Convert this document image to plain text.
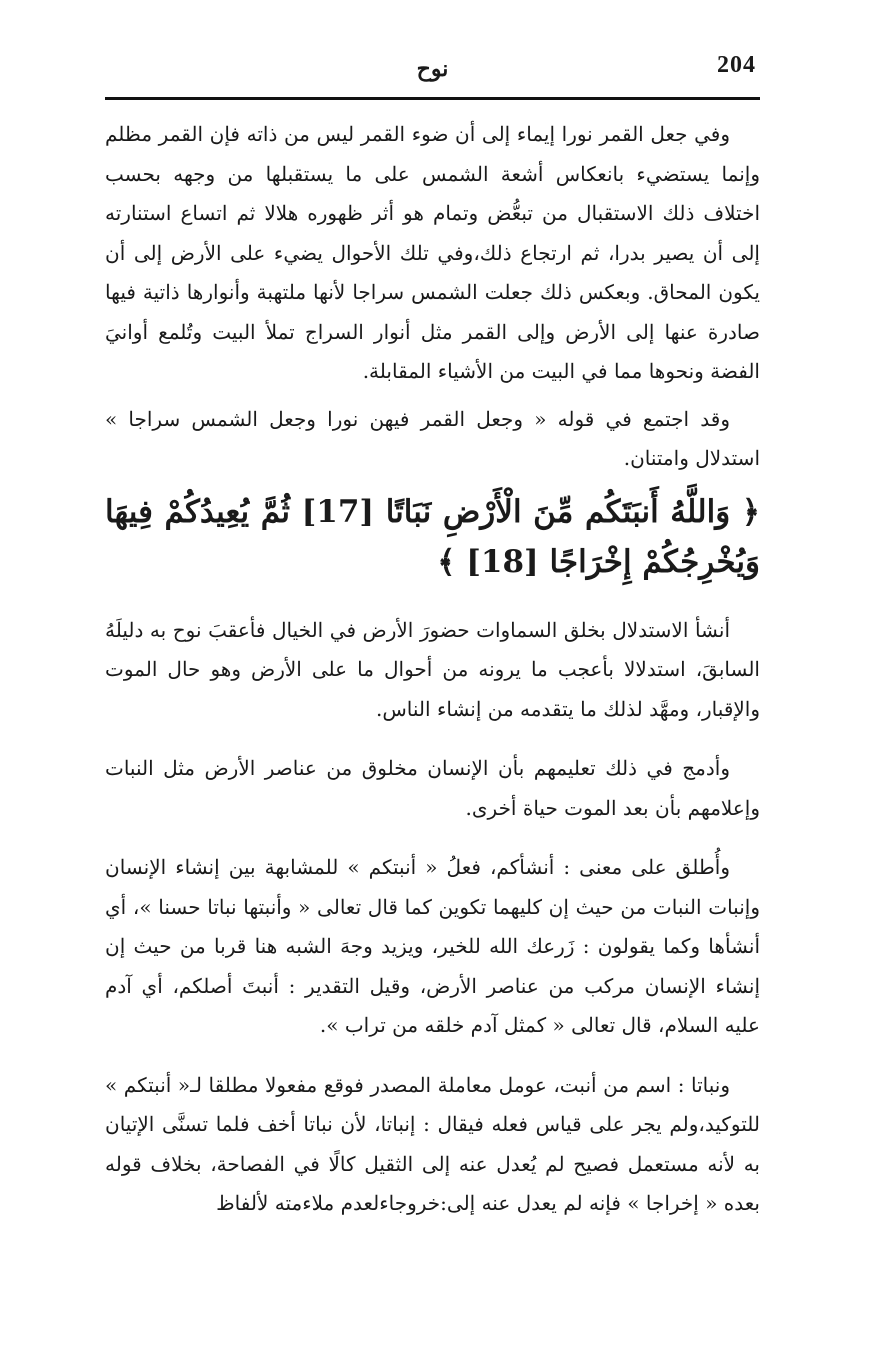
204
نوح

وفي جعل القمر نورا إيماء إلى أن ضوء القمر ليس من ذاته فإن القمر مظلم وإنما يستضيء بانعكاس أشعة الشمس على ما يستقبلها من وجهه بحسب اختلاف ذلك الاستقبال من تبعُّض وتمام هو أثر ظهوره هلالا ثم اتساع استنارته إلى أن يصير بدرا، ثم ارتجاع ذلك،وفي تلك الأحوال يضيء على الأرض إلى أن يكون المحاق. وبعكس ذلك جعلت الشمس سراجا لأنها ملتهبة وأنوارها ذاتية فيها صادرة عنها إلى الأرض وإلى القمر مثل أنوار السراج تملأ البيت وتُلمع أوانيَ الفضة ونحوها مما في البيت من الأشياء المقابلة.

وقد اجتمع في قوله « وجعل القمر فيهن نورا وجعل الشمس سراجا » استدلال وامتنان.

﴿ وَاللَّهُ أَنبَتَكُم مِّنَ الْأَرْضِ نَبَاتًا [17] ثُمَّ يُعِيدُكُمْ فِيهَا وَيُخْرِجُكُمْ إِخْرَاجًا [18] ﴾

أنشأ الاستدلال بخلق السماوات حضورَ الأرض في الخيال فأعقبَ نوح به دليلَهُ السابقَ، استدلالا بأعجب ما يرونه من أحوال ما على الأرض وهو حال الموت والإقبار، ومهَّد لذلك ما يتقدمه من إنشاء الناس.

وأدمج في ذلك تعليمهم بأن الإنسان مخلوق من عناصر الأرض مثل النبات وإعلامهم بأن بعد الموت حياة أخرى.

وأُطلق على معنى : أنشأكم، فعلُ « أنبتكم » للمشابهة بين إنشاء الإنسان وإنبات النبات من حيث إن كليهما تكوين كما قال تعالى « وأنبتها نباتا حسنا »، أي أنشأها وكما يقولون : زَرعك الله للخير، ويزيد وجهَ الشبه هنا قربا من حيث إن إنشاء الإنسان مركب من عناصر الأرض، وقيل التقدير : أنبتَ أصلكم، أي آدم عليه السلام، قال تعالى « كمثل آدم خلقه من تراب ».

ونباتا : اسم من أنبت، عومل معاملة المصدر فوقع مفعولا مطلقا لـ« أنبتكم » للتوكيد،ولم يجر على قياس فعله فيقال : إنباتا، لأن نباتا أخف فلما تسنَّى الإتيان به لأنه مستعمل فصيح لم يُعدل عنه إلى الثقيل كالًا في الفصاحة، بخلاف قوله بعده « إخراجا » فإنه لم يعدل عنه إلى:خروجاءلعدم ملاءمته لألفاظ
